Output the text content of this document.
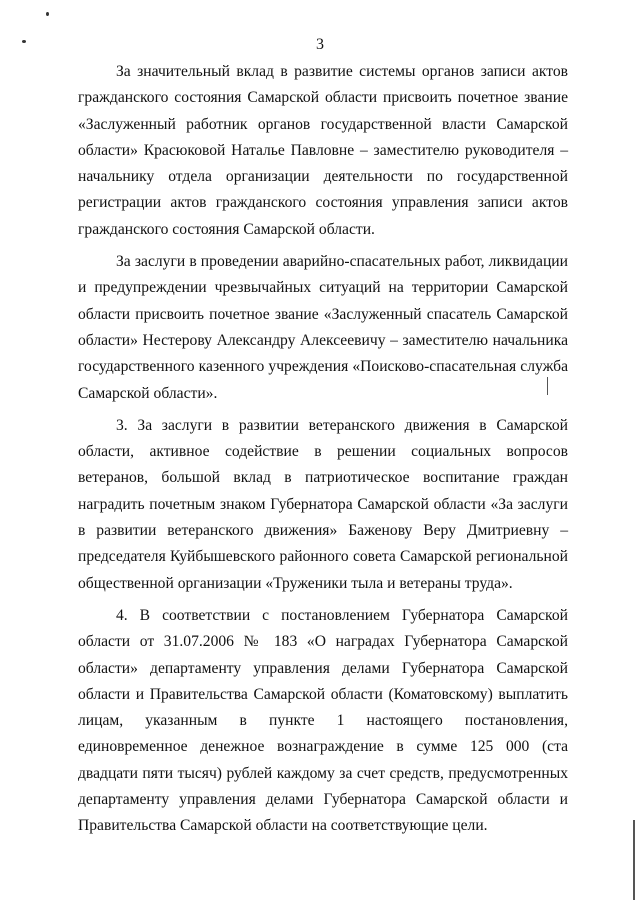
3

За значительный вклад в развитие системы органов записи актов гражданского состояния Самарской области присвоить почетное звание «Заслуженный работник органов государственной власти Самарской области» Красюковой Наталье Павловне – заместителю руководителя – начальнику отдела организации деятельности по государственной регистрации актов гражданского состояния управления записи актов гражданского состояния Самарской области.

За заслуги в проведении аварийно-спасательных работ, ликвидации и предупреждении чрезвычайных ситуаций на территории Самарской области присвоить почетное звание «Заслуженный спасатель Самарской области» Нестерову Александру Алексеевичу – заместителю начальника государственного казенного учреждения «Поисково-спасательная служба Самарской области».

3. За заслуги в развитии ветеранского движения в Самарской области, активное содействие в решении социальных вопросов ветеранов, большой вклад в патриотическое воспитание граждан наградить почетным знаком Губернатора Самарской области «За заслуги в развитии ветеранского движения» Баженову Веру Дмитриевну – председателя Куйбышевского районного совета Самарской региональной общественной организации «Труженики тыла и ветераны труда».

4. В соответствии с постановлением Губернатора Самарской области от 31.07.2006 № 183 «О наградах Губернатора Самарской области» департаменту управления делами Губернатора Самарской области и Правительства Самарской области (Коматовскому) выплатить лицам, указанным в пункте 1 настоящего постановления, единовременное денежное вознаграждение в сумме 125 000 (ста двадцати пяти тысяч) рублей каждому за счет средств, предусмотренных департаменту управления делами Губернатора Самарской области и Правительства Самарской области на соответствующие цели.
